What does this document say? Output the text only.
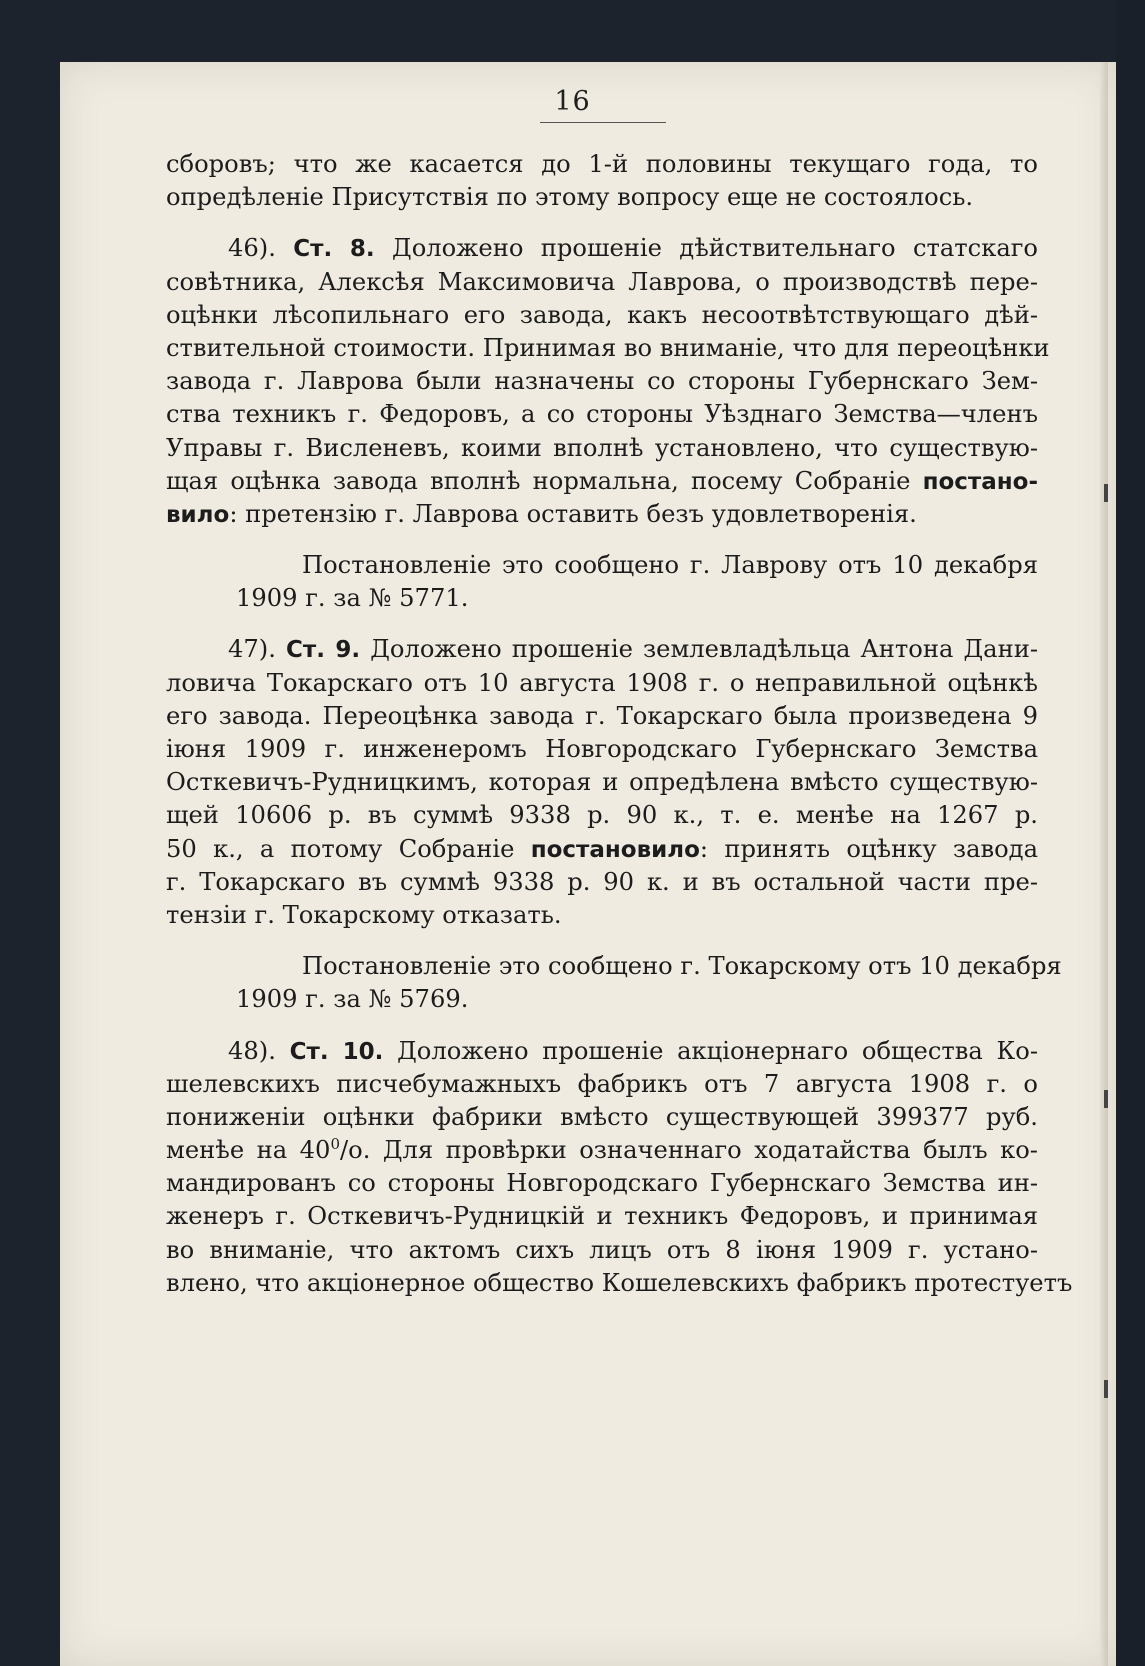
16
сборовъ; что же касается до 1-й половины текущаго года, то
опредѣленіе Присутствія по этому вопросу еще не состоялось.
46). Ст. 8. Доложено прошеніе дѣйствительнаго статскаго
совѣтника, Алексѣя Максимовича Лаврова, о производствѣ пере-
оцѣнки лѣсопильнаго его завода, какъ несоотвѣтствующаго дѣй-
ствительной стоимости. Принимая во вниманіе, что для переоцѣнки
завода г. Лаврова были назначены со стороны Губернскаго Зем-
ства техникъ г. Федоровъ, а со стороны Уѣзднаго Земства—членъ
Управы г. Висленевъ, коими вполнѣ установлено, что существую-
щая оцѣнка завода вполнѣ нормальна, посему Собраніе постано-
вило: претензію г. Лаврова оставить безъ удовлетворенія.
Постановленіе это сообщено г. Лаврову отъ 10 декабря
1909 г. за № 5771.
47). Ст. 9. Доложено прошеніе землевладѣльца Антона Дани-
ловича Токарскаго отъ 10 августа 1908 г. о неправильной оцѣнкѣ
его завода. Переоцѣнка завода г. Токарскаго была произведена 9
іюня 1909 г. инженеромъ Новгородскаго Губернскаго Земства
Осткевичъ-Рудницкимъ, которая и опредѣлена вмѣсто существую-
щей 10606 р. въ суммѣ 9338 р. 90 к., т. е. менѣе на 1267 р.
50 к., а потому Собраніе постановило: принять оцѣнку завода
г. Токарскаго въ суммѣ 9338 р. 90 к. и въ остальной части пре-
тензіи г. Токарскому отказать.
Постановленіе это сообщено г. Токарскому отъ 10 декабря
1909 г. за № 5769.
48). Ст. 10. Доложено прошеніе акціонернаго общества Ко-
шелевскихъ писчебумажныхъ фабрикъ отъ 7 августа 1908 г. о
пониженіи оцѣнки фабрики вмѣсто существующей 399377 руб.
менѣе на $40^0/о$. Для провѣрки означеннаго ходатайства былъ ко-
мандированъ со стороны Новгородскаго Губернскаго Земства ин-
женеръ г. Осткевичъ-Рудницкій и техникъ Федоровъ, и принимая
во вниманіе, что актомъ сихъ лицъ отъ 8 іюня 1909 г. устано-
влено, что акціонерное общество Кошелевскихъ фабрикъ протестуетъ
